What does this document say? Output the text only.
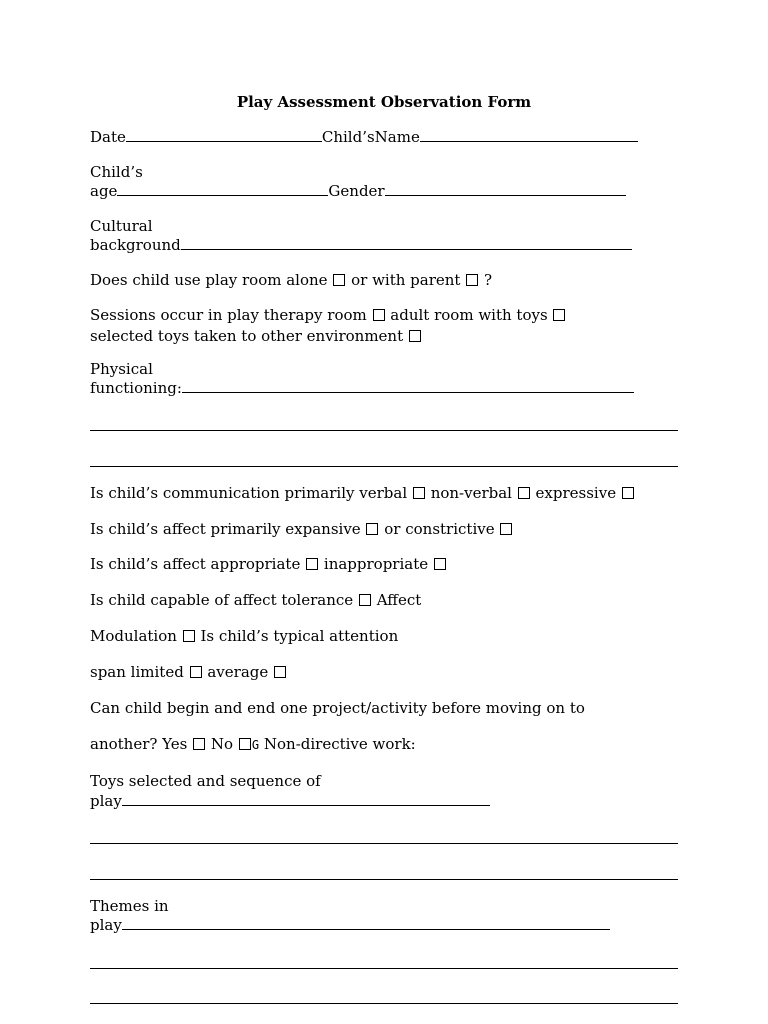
Play Assessment Observation Form
Date	Child’sName
Child’s
age	Gender
Cultural
background
Does child use play room alone or with parent ?
Sessions occur in play therapy room adult room with toys
selected toys taken to other environment
Physical
functioning:
Is child’s communication primarily verbal non-verbal expressive
Is child’s affect primarily expansive or constrictive
Is child’s affect appropriate inappropriate
Is child capable of affect tolerance Affect
Modulation Is child’s typical attention
span limited average
Can child begin and end one project/activity before moving on to
another? Yes No G Non-directive work:
Toys selected and sequence of
play
Themes in
play
